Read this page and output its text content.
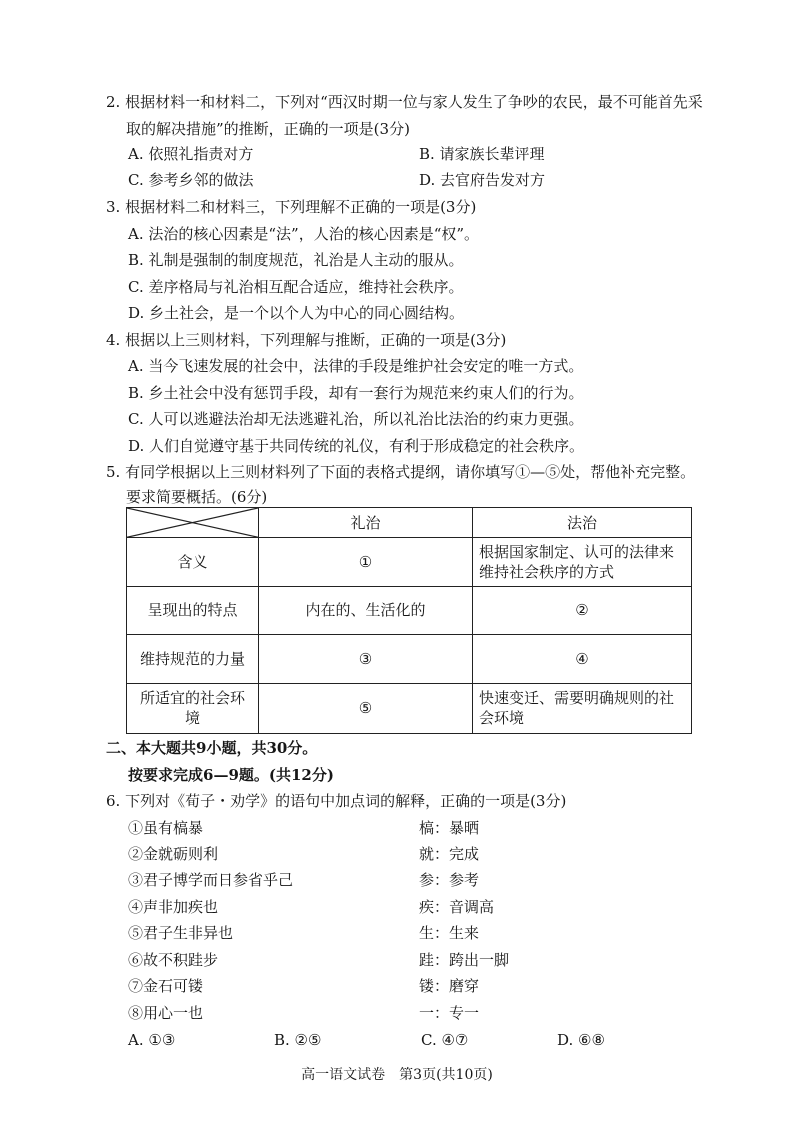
2. 根据材料一和材料二，下列对“西汉时期一位与家人发生了争吵的农民，最不可能首先采
取的解决措施”的推断，正确的一项是(3分)
A. 依照礼指责对方	B. 请家族长辈评理
C. 参考乡邻的做法	D. 去官府告发对方
3. 根据材料二和材料三，下列理解不正确的一项是(3分)
A. 法治的核心因素是“法”，人治的核心因素是“权”。
B. 礼制是强制的制度规范，礼治是人主动的服从。
C. 差序格局与礼治相互配合适应，维持社会秩序。
D. 乡土社会，是一个以个人为中心的同心圆结构。
4. 根据以上三则材料，下列理解与推断，正确的一项是(3分)
A. 当今飞速发展的社会中，法律的手段是维护社会安定的唯一方式。
B. 乡土社会中没有惩罚手段，却有一套行为规范来约束人们的行为。
C. 人可以逃避法治却无法逃避礼治，所以礼治比法治的约束力更强。
D. 人们自觉遵守基于共同传统的礼仪，有利于形成稳定的社会秩序。
5. 有同学根据以上三则材料列了下面的表格式提纲，请你填写①—⑤处，帮他补充完整。
要求简要概括。(6分)
	礼治	法治
含义	①	根据国家制定、认可的法律来维持社会秩序的方式
呈现出的特点	内在的、生活化的	②
维持规范的力量	③	④
所适宜的社会环境	⑤	快速变迁、需要明确规则的社会环境
二、本大题共9小题，共30分。
按要求完成6—9题。(共12分)
6. 下列对《荀子・劝学》的语句中加点词的解释，正确的一项是(3分)
①虽有槁暴	槁：暴晒
②金就砺则利	就：完成
③君子博学而日参省乎己	参：参考
④声非加疾也	疾：音调高
⑤君子生非异也	生：生来
⑥故不积跬步	跬：跨出一脚
⑦金石可镂	镂：磨穿
⑧用心一也	一：专一
A. ①③	B. ②⑤	C. ④⑦	D. ⑥⑧
高一语文试卷　第3页(共10页)
